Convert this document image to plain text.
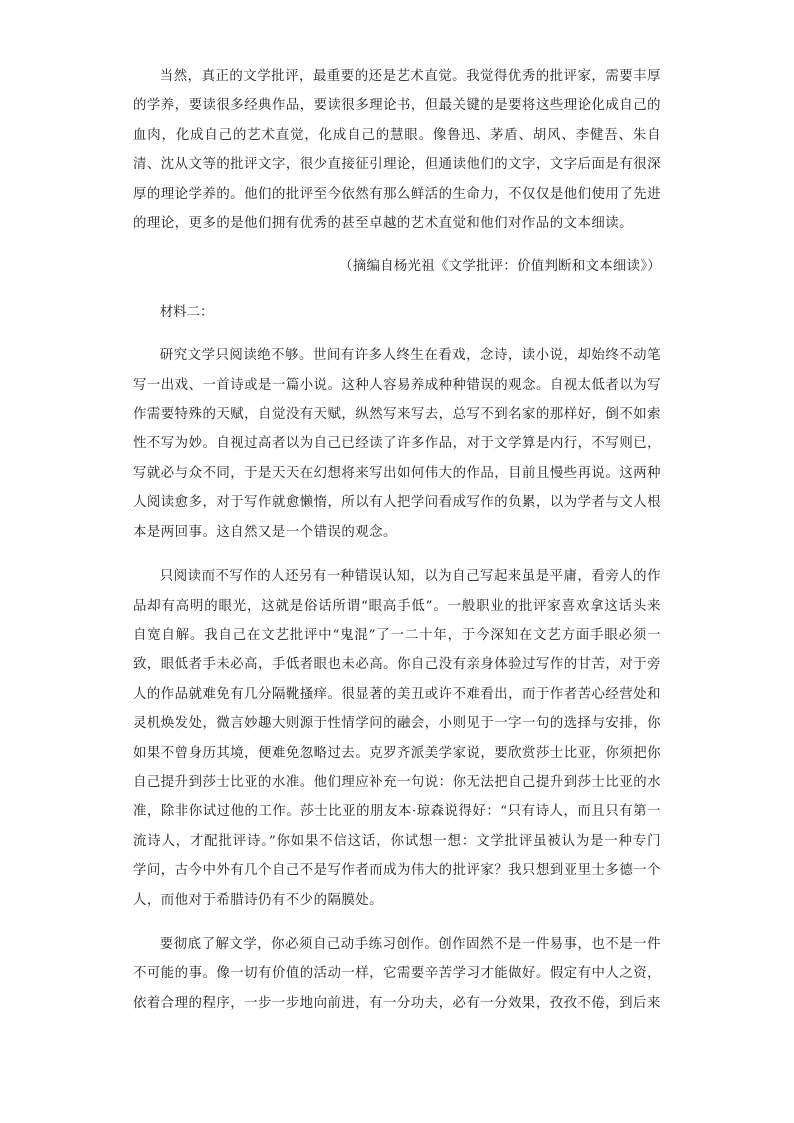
当然，真正的文学批评，最重要的还是艺术直觉。我觉得优秀的批评家，需要丰厚的学养，要读很多经典作品，要读很多理论书，但最关键的是要将这些理论化成自己的血肉，化成自己的艺术直觉，化成自己的慧眼。像鲁迅、茅盾、胡风、李健吾、朱自清、沈从文等的批评文字，很少直接征引理论，但通读他们的文字，文字后面是有很深厚的理论学养的。他们的批评至今依然有那么鲜活的生命力，不仅仅是他们使用了先进的理论，更多的是他们拥有优秀的甚至卓越的艺术直觉和他们对作品的文本细读。

（摘编自杨光祖《文学批评：价值判断和文本细读》）

材料二：

研究文学只阅读绝不够。世间有许多人终生在看戏，念诗，读小说，却始终不动笔写一出戏、一首诗或是一篇小说。这种人容易养成种种错误的观念。自视太低者以为写作需要特殊的天赋，自觉没有天赋，纵然写来写去，总写不到名家的那样好，倒不如索性不写为妙。自视过高者以为自己已经读了许多作品，对于文学算是内行，不写则已，写就必与众不同，于是天天在幻想将来写出如何伟大的作品，目前且慢些再说。这两种人阅读愈多，对于写作就愈懒惰，所以有人把学问看成写作的负累，以为学者与文人根本是两回事。这自然又是一个错误的观念。

只阅读而不写作的人还另有一种错误认知，以为自己写起来虽是平庸，看旁人的作品却有高明的眼光，这就是俗话所谓“眼高手低”。一般职业的批评家喜欢拿这话头来自宽自解。我自己在文艺批评中“鬼混”了一二十年，于今深知在文艺方面手眼必须一致，眼低者手未必高，手低者眼也未必高。你自己没有亲身体验过写作的甘苦，对于旁人的作品就难免有几分隔靴搔痒。很显著的美丑或许不难看出，而于作者苦心经营处和灵机焕发处，微言妙趣大则源于性情学问的融会，小则见于一字一句的选择与安排，你如果不曾身历其境，便难免忽略过去。克罗齐派美学家说，要欣赏莎士比亚，你须把你自己提升到莎士比亚的水准。他们理应补充一句说：你无法把自己提升到莎士比亚的水准，除非你试过他的工作。莎士比亚的朋友本·琼森说得好：“只有诗人，而且只有第一流诗人，才配批评诗。”你如果不信这话，你试想一想：文学批评虽被认为是一种专门学问，古今中外有几个自己不是写作者而成为伟大的批评家？我只想到亚里士多德一个人，而他对于希腊诗仍有不少的隔膜处。

要彻底了解文学，你必须自己动手练习创作。创作固然不是一件易事，也不是一件不可能的事。像一切有价值的活动一样，它需要辛苦学习才能做好。假定有中人之资，依着合理的程序，一步一步地向前进，有一分功夫，必有一分效果，孜孜不倦，到后来
